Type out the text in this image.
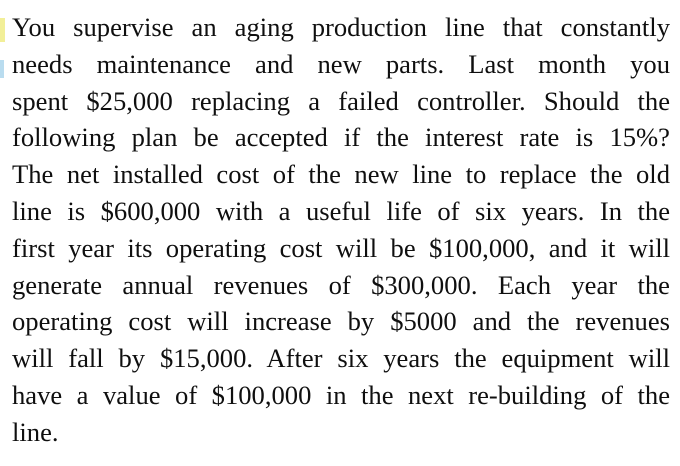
You supervise an aging production line that constantly
needs maintenance and new parts. Last month you
spent $25,000 replacing a failed controller. Should the
following plan be accepted if the interest rate is 15%?
The net installed cost of the new line to replace the old
line is $600,000 with a useful life of six years. In the
first year its operating cost will be $100,000, and it will
generate annual revenues of $300,000. Each year the
operating cost will increase by $5000 and the revenues
will fall by $15,000. After six years the equipment will
have a value of $100,000 in the next re-building of the
line.
